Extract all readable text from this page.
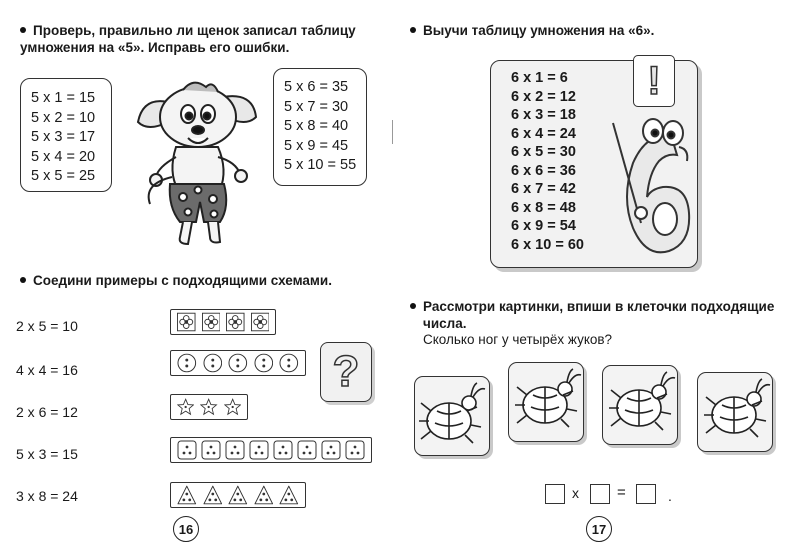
Проверь, правильно ли щенок записал таблицу
умножения на «5». Исправь его ошибки.
5 x 1 = 15
5 x 2 = 10
5 x 3 = 17
5 x 4 = 20
5 x 5 = 25
5 x 6 = 35
5 x 7 = 30
5 x 8 = 40
5 x 9 = 45
5 x 10 = 55
Соедини примеры с подходящими схемами.
2 x 5 = 10
4 x 4 = 16
2 x 6 = 12
5 x 3 = 15
3 x 8 = 24
?
16
Выучи таблицу умножения на «6».
6 x 1 = 6
6 x 2 = 12
6 x 3 = 18
6 x 4 = 24
6 x 5 = 30
6 x 6 = 36
6 x 7 = 42
6 x 8 = 48
6 x 9 = 54
6 x 10 = 60
!
Рассмотри картинки, впиши в клеточки подходящие
числа.
Сколько ног у четырёх жуков?
x	=	.
17
